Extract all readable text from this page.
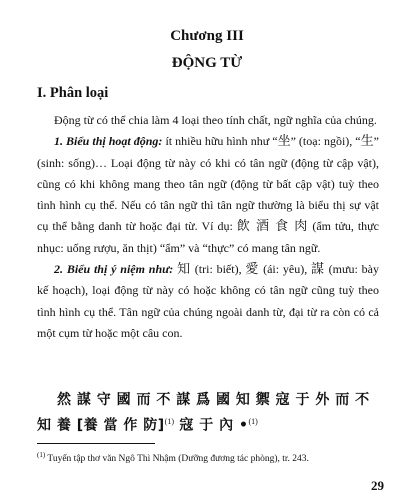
Chương III
ĐỘNG TỪ
I. Phân loại

Động từ có thể chia làm 4 loại theo tính chất, ngữ nghĩa của chúng.

1. Biểu thị hoạt động: ít nhiều hữu hình như “坐” (toạ: ngồi), “生” (sinh: sống)… Loại động từ này có khi có tân ngữ (động từ cập vật), cũng có khi không mang theo tân ngữ (động từ bất cập vật) tuỳ theo tình hình cụ thể. Nếu có tân ngữ thì tân ngữ thường là biểu thị sự vật cụ thể bằng danh từ hoặc đại từ. Ví dụ: 飲 酒 食 肉 (ẩm tửu, thực nhục: uống rượu, ăn thịt) “ẩm” và “thực” có mang tân ngữ.

2. Biểu thị ý niệm như: 知 (tri: biết), 愛 (ái: yêu), 謀 (mưu: bày kế hoạch), loại động từ này có hoặc không có tân ngữ cũng tuỳ theo tình hình cụ thể. Tân ngữ của chúng ngoài danh từ, đại từ ra còn có cả một cụm từ hoặc một câu con.

然 謀 守 國 而 不 謀 爲 國 知 禦 寇 于 外 而 不 知 養 [養 當 作 防]$^{(1)}$ 寇 于 內 •$^{(1)}$
$^{(1)}$ Tuyển tập thơ văn Ngô Thì Nhậm (Dưỡng đương tác phòng), tr. 243.
29
